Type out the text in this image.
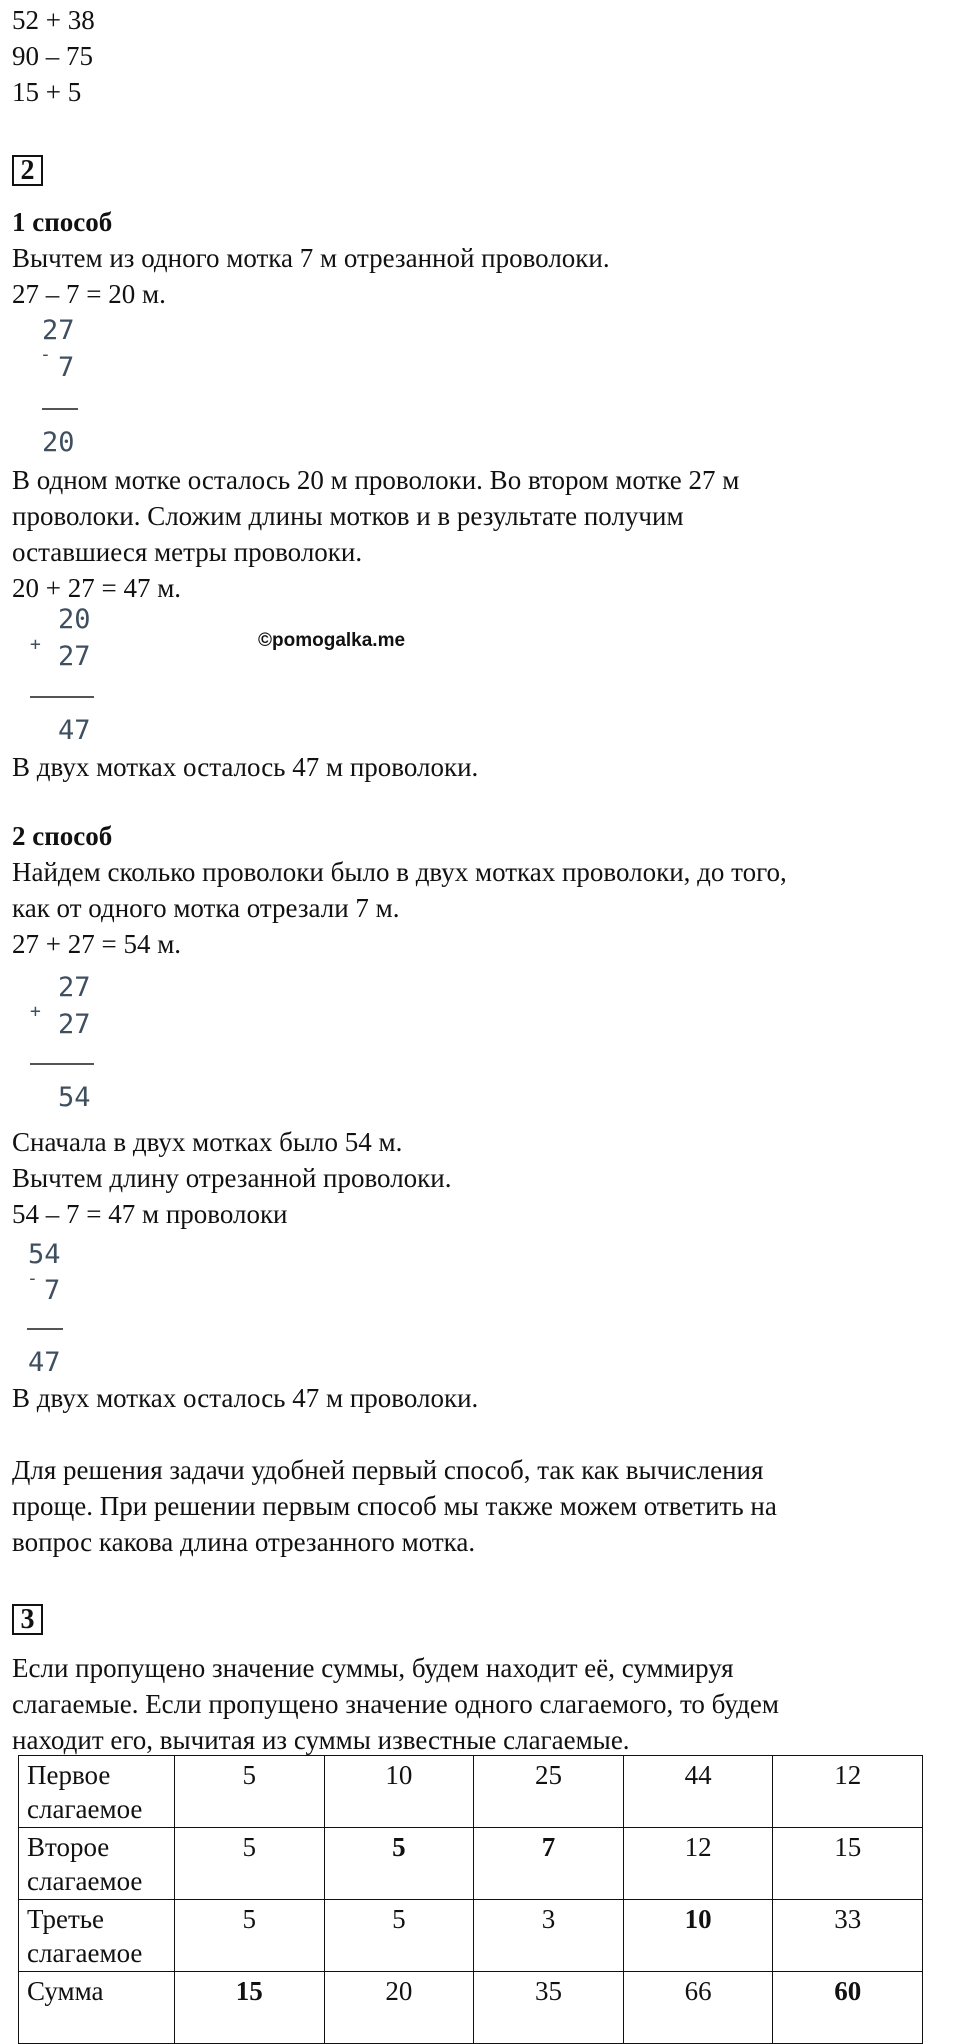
52 + 38
90 – 75
15 + 5
2
1 способ
Вычтем из одного мотка 7 м отрезанной проволоки.
27 – 7 = 20 м.
27
- 7
20
В одном мотке осталось 20 м проволоки. Во втором мотке 27 м
проволоки. Сложим длины мотков и в результате получим
оставшиеся метры проволоки.
20 + 27 = 47 м.
20
+ 27
47
©pomogalka.me
В двух мотках осталось 47 м проволоки.
2 способ
Найдем сколько проволоки было в двух мотках проволоки, до того,
как от одного мотка отрезали 7 м.
27 + 27 = 54 м.
27
+ 27
54
Сначала в двух мотках было 54 м.
Вычтем длину отрезанной проволоки.
54 – 7 = 47 м проволоки
54
- 7
47
В двух мотках осталось 47 м проволоки.
Для решения задачи удобней первый способ, так как вычисления
проще. При решении первым способ мы также можем ответить на
вопрос какова длина отрезанного мотка.
3
Если пропущено значение суммы, будем находит её, суммируя
слагаемые. Если пропущено значение одного слагаемого, то будем
находит его, вычитая из суммы известные слагаемые.
Первое слагаемое	5	10	25	44	12
Второе слагаемое	5	5	7	12	15
Третье слагаемое	5	5	3	10	33
Сумма	15	20	35	66	60
